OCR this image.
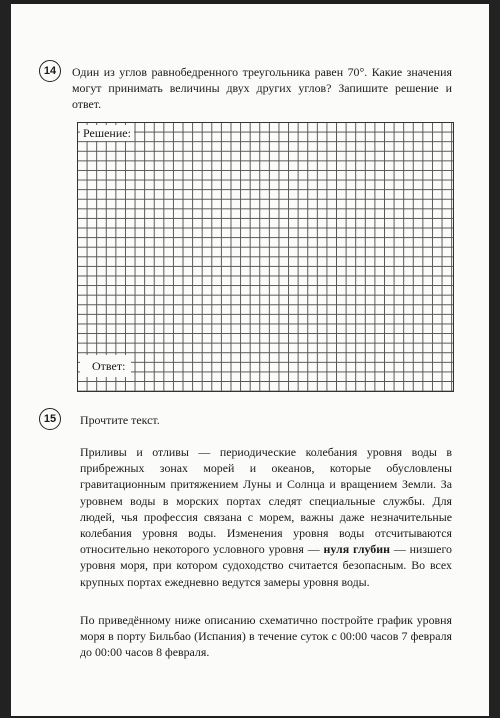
14	Один из углов равнобедренного треугольника равен 70°. Какие значения могут принимать величины двух других углов? Запишите решение и ответ.

Решение:
Ответ:
15	Прочтите текст.

Приливы и отливы — периодические колебания уровня воды в прибрежных зонах морей и океанов, которые обусловлены гравитационным притяжением Луны и Солнца и вращением Земли. За уровнем воды в морских портах следят специальные службы. Для людей, чья профессия связана с морем, важны даже незначительные колебания уровня воды. Изменения уровня воды отсчитываются относительно некоторого условного уровня — нуля глубин — низшего уровня моря, при котором судоходство считается безопасным. Во всех крупных портах ежедневно ведутся замеры уровня воды.

По приведённому ниже описанию схематично постройте график уровня моря в порту Бильбао (Испания) в течение суток с 00:00 часов 7 февраля до 00:00 часов 8 февраля.
